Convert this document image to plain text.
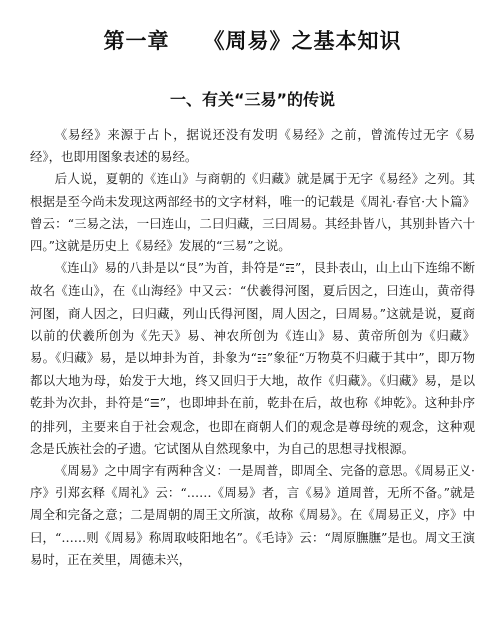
第一章 《周易》之基本知识
一、有关“三易”的传说

《易经》来源于占卜，据说还没有发明《易经》之前，曾流传过无字《易经》，也即用图象表述的易经。

后人说，夏朝的《连山》与商朝的《归藏》就是属于无字《易经》之列。其根据是至今尚未发现这两部经书的文字材料，唯一的记载是《周礼·春官·大卜篇》曾云：“三易之法，一曰连山，二曰归藏，三曰周易。其经卦皆八，其别卦皆六十四。”这就是历史上《易经》发展的“三易”之说。

《连山》易的八卦是以“艮”为首，卦符是“☶”，艮卦表山，山上山下连绵不断故名《连山》，在《山海经》中又云：“伏羲得河图，夏后因之，曰连山，黄帝得河图，商人因之，曰归藏，列山氏得河图，周人因之，曰周易。”这就是说，夏商以前的伏羲所创为《先天》易、神农所创为《连山》易、黄帝所创为《归藏》易。《归藏》易，是以坤卦为首，卦象为“☷”象征“万物莫不归藏于其中”，即万物都以大地为母，始发于大地，终又回归于大地，故作《归藏》。《归藏》易，是以乾卦为次卦，卦符是“☰”，也即坤卦在前，乾卦在后，故也称《坤乾》。这种卦序的排列，主要来自于社会观念，也即在商朝人们的观念是尊母统的观念，这种观念是氏族社会的孑遗。它试图从自然现象中，为自己的思想寻找根源。

《周易》之中周字有两种含义：一是周普，即周全、完备的意思。《周易正义·序》引郑玄释《周礼》云：“……《周易》者，言《易》道周普，无所不备。”就是周全和完备之意；二是周朝的周王文所演，故称《周易》。在《周易正义，序》中曰，“……则《周易》称周取岐阳地名”。《毛诗》云：“周原膴膴”是也。周文王演易时，正在羑里，周德未兴，
